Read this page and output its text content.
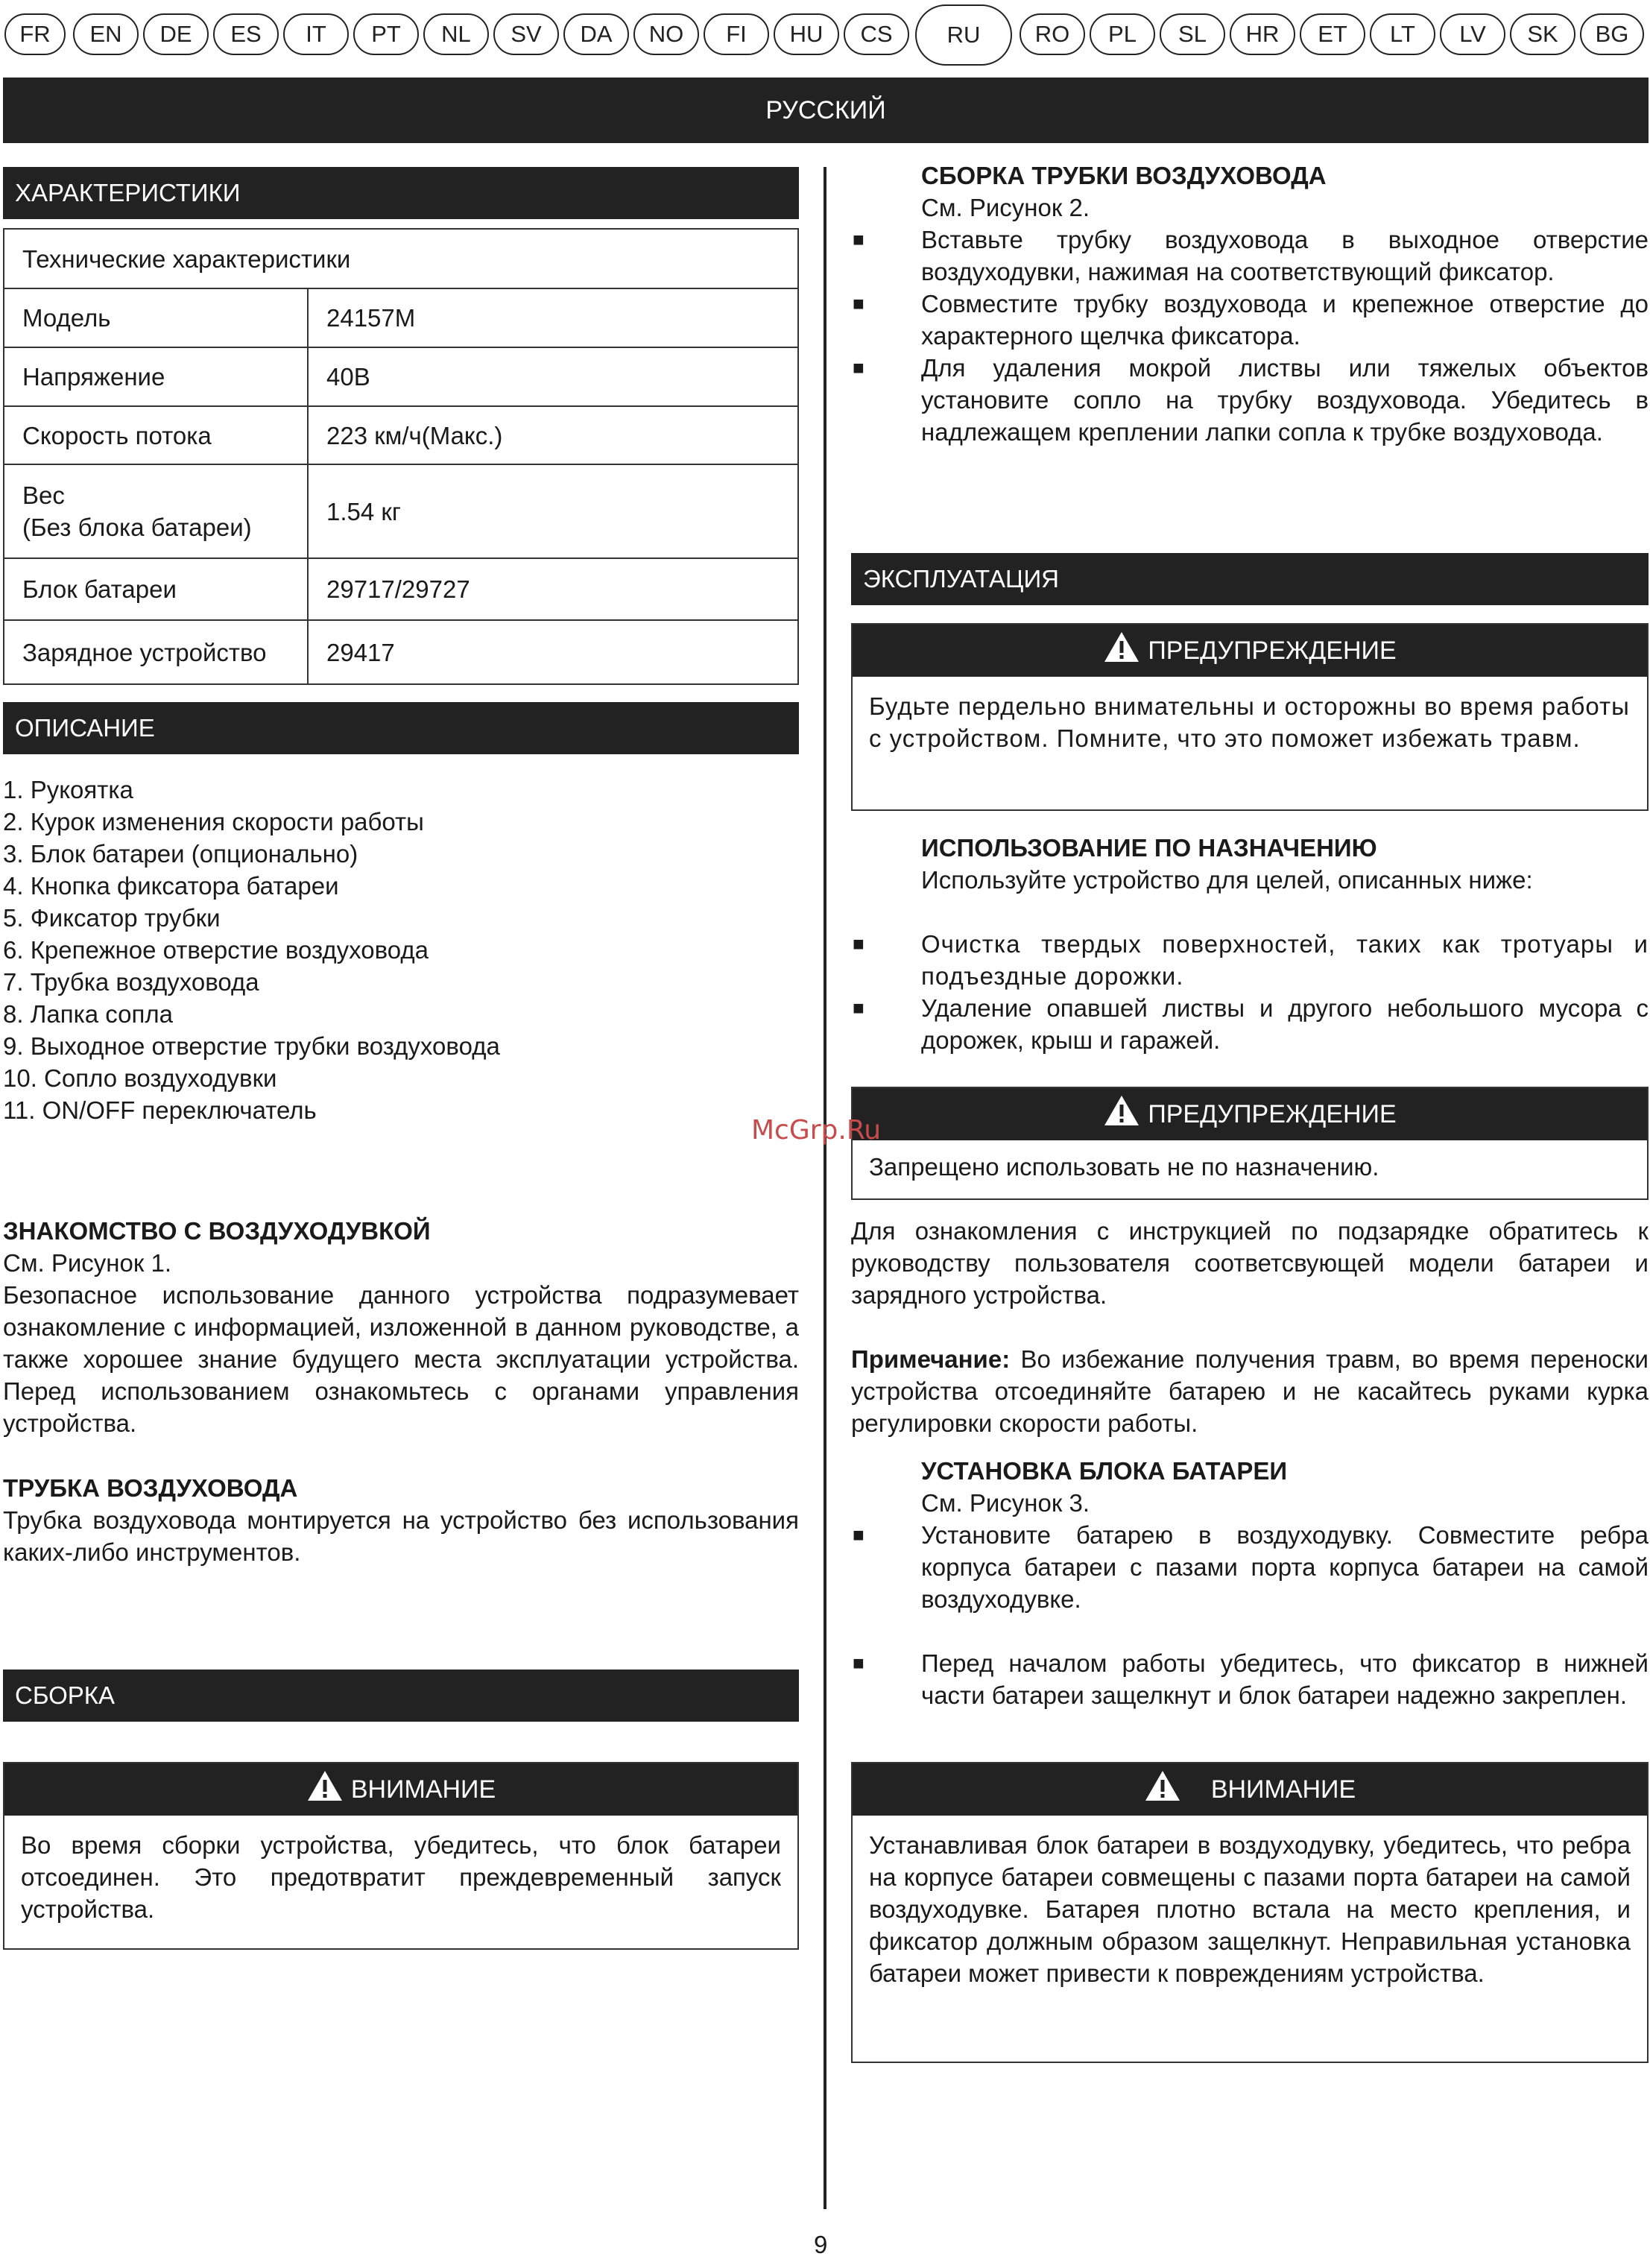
FR	EN	DE	ES	IT	PT	NL	SV	DA	NO	FI	HU	CS	RU	RO	PL	SL	HR	ET	LT	LV	SK	BG
РУССКИЙ
ХАРАКТЕРИСТИКИ
Технические характеристики	
Модель	24157M
Напряжение	40В
Скорость потока	223 км/ч(Макс.)

Вес
(Без блока батареи)	1.54 кг
Блок батареи	29717/29727
Зарядное устройство	29417
ОПИСАНИЕ
1. Рукоятка
2. Курок изменения скорости работы
3. Блок батареи (опционально)
4. Кнопка фиксатора батареи
5. Фиксатор трубки
6. Крепежное отверстие воздуховода
7. Трубка воздуховода
8. Лапка сопла
9. Выходное отверстие трубки воздуховода
10. Сопло воздуходувки
11. ON/OFF переключатель
ЗНАКОМСТВО С ВОЗДУХОДУВКОЙ
См. Рисунок 1.
Безопасное использование данного устройства подразумевает ознакомление с информацией, изложенной в данном руководстве, а также хорошее знание будущего места эксплуатации устройства. Перед использованием ознакомьтесь с органами управления устройства.
ТРУБКА ВОЗДУХОВОДА
Трубка воздуховода монтируется на устройство без использования каких-либо инструментов.
СБОРКА
ВНИМАНИЕ
Во время сборки устройства, убедитесь, что блок батареи отсоединен. Это предотвратит преждевременный запуск устройства.
СБОРКА ТРУБКИ ВОЗДУХОВОДА
См. Рисунок 2.
■ Вставьте трубку воздуховода в выходное отверстие воздуходувки, нажимая на соответствующий фиксатор.
■ Совместите трубку воздуховода и крепежное отверстие до характерного щелчка фиксатора.
■ Для удаления мокрой листвы или тяжелых объектов установите сопло на трубку воздуховода. Убедитесь в надлежащем креплении лапки сопла к трубке воздуховода.
ЭКСПЛУАТАЦИЯ
ПРЕДУПРЕЖДЕНИЕ
Будьте пердельно внимательны и осторожны во время работы с устройством. Помните, что это поможет избежать травм.
ИСПОЛЬЗОВАНИЕ ПО НАЗНАЧЕНИЮ
Используйте устройство для целей, описанных ниже:
■ Очистка твердых поверхностей, таких как тротуары и подъездные дорожки.
■ Удаление опавшей листвы и другого небольшого мусора с дорожек, крыш и гаражей.
ПРЕДУПРЕЖДЕНИЕ
Запрещено использовать не по назначению.
Для ознакомления с инструкцией по подзарядке обратитесь к руководству пользователя соответсвующей модели батареи и зарядного устройства.
Примечание: Во избежание получения травм, во время переноски устройства отсоединяйте батарею и не касайтесь руками курка регулировки скорости работы.
УСТАНОВКА БЛОКА БАТАРЕИ
См. Рисунок 3.
■ Установите батарею в воздуходувку. Совместите ребра корпуса батареи с пазами порта корпуса батареи на самой воздуходувке.
■ Перед началом работы убедитесь, что фиксатор в нижней части батареи защелкнут и блок батареи надежно закреплен.
ВНИМАНИЕ
Устанавливая блок батареи в воздуходувку, убедитесь, что ребра на корпусе батареи совмещены с пазами порта батареи на самой воздуходувке. Батарея плотно встала на место крепления, и фиксатор должным образом защелкнут. Неправильная установка батареи может привести к повреждениям устройства.
McGrp.Ru
9
